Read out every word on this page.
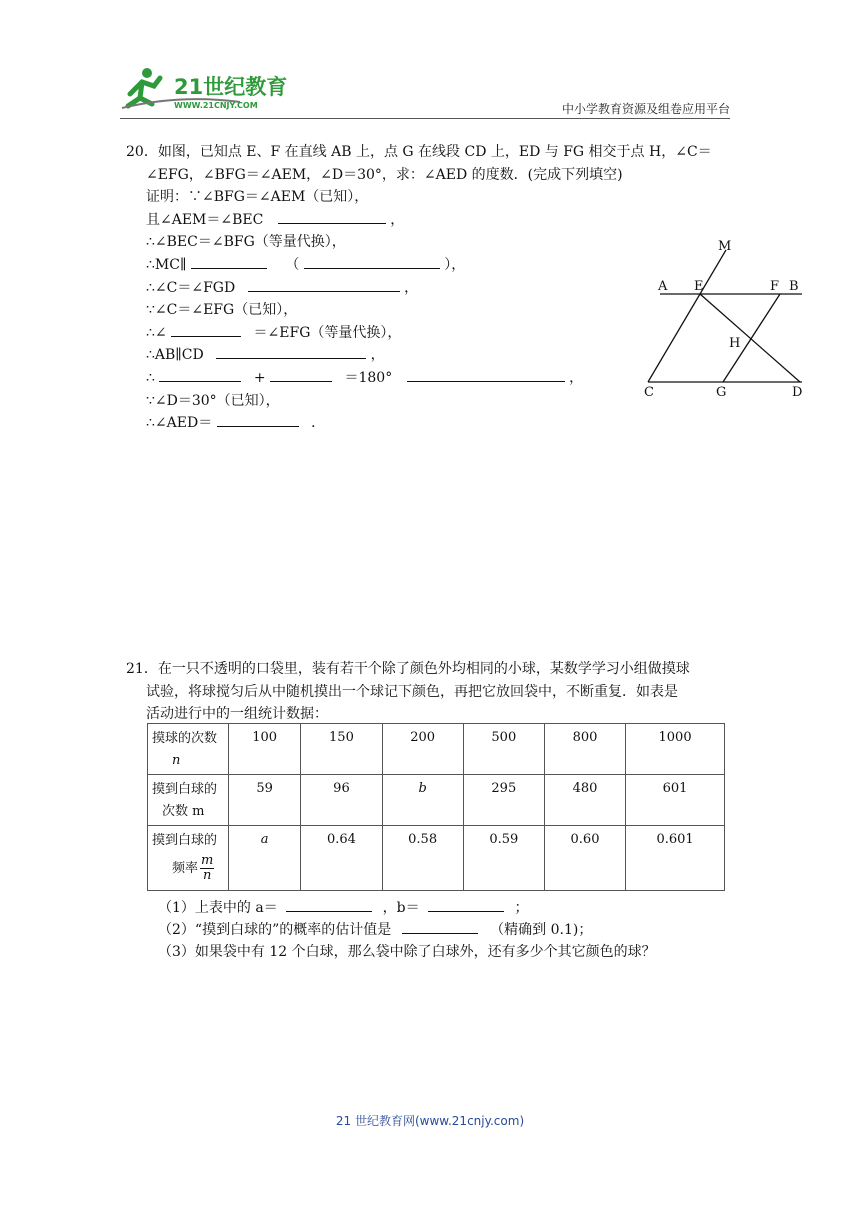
21世纪教育
WWW.21CNJY.COM	中小学教育资源及组卷应用平台
20．如图，已知点 E、F 在直线 AB 上，点 G 在线段 CD 上，ED 与 FG 相交于点 H，∠C＝
∠EFG，∠BFG＝∠AEM，∠D＝30°，求：∠AED 的度数．(完成下列填空)
证明：∵∠BFG＝∠AEM（已知），
且∠AEM＝∠BEC	，
∴∠BEC＝∠BFG（等量代换），
∴MC∥	（	），
∴∠C＝∠FGD	，
∵∠C＝∠EFG（已知），
∴∠	＝∠EFG（等量代换），
∴AB∥CD	，
∴	+	＝180°	，
∵∠D＝30°（已知），
∴∠AED＝	．
M
A E	F B
H
C	G	D
21．在一只不透明的口袋里，装有若干个除了颜色外均相同的小球，某数学学习小组做摸球
试验，将球搅匀后从中随机摸出一个球记下颜色，再把它放回袋中，不断重复．如表是
活动进行中的一组统计数据：
摸球的次数
n	100	150	200	500	800	1000

摸到白球的
次数 m	59	96	b	295	480	601

摸到白球的
频率 $\frac{m}{n}$	a	0.64	0.58	0.59	0.60	0.601
（1）上表中的 a＝	，b＝	；
（2）“摸到白球的”的概率的估计值是	（精确到 0.1)；
（3）如果袋中有 12 个白球，那么袋中除了白球外，还有多少个其它颜色的球？
21 世纪教育网(www.21cnjy.com)
